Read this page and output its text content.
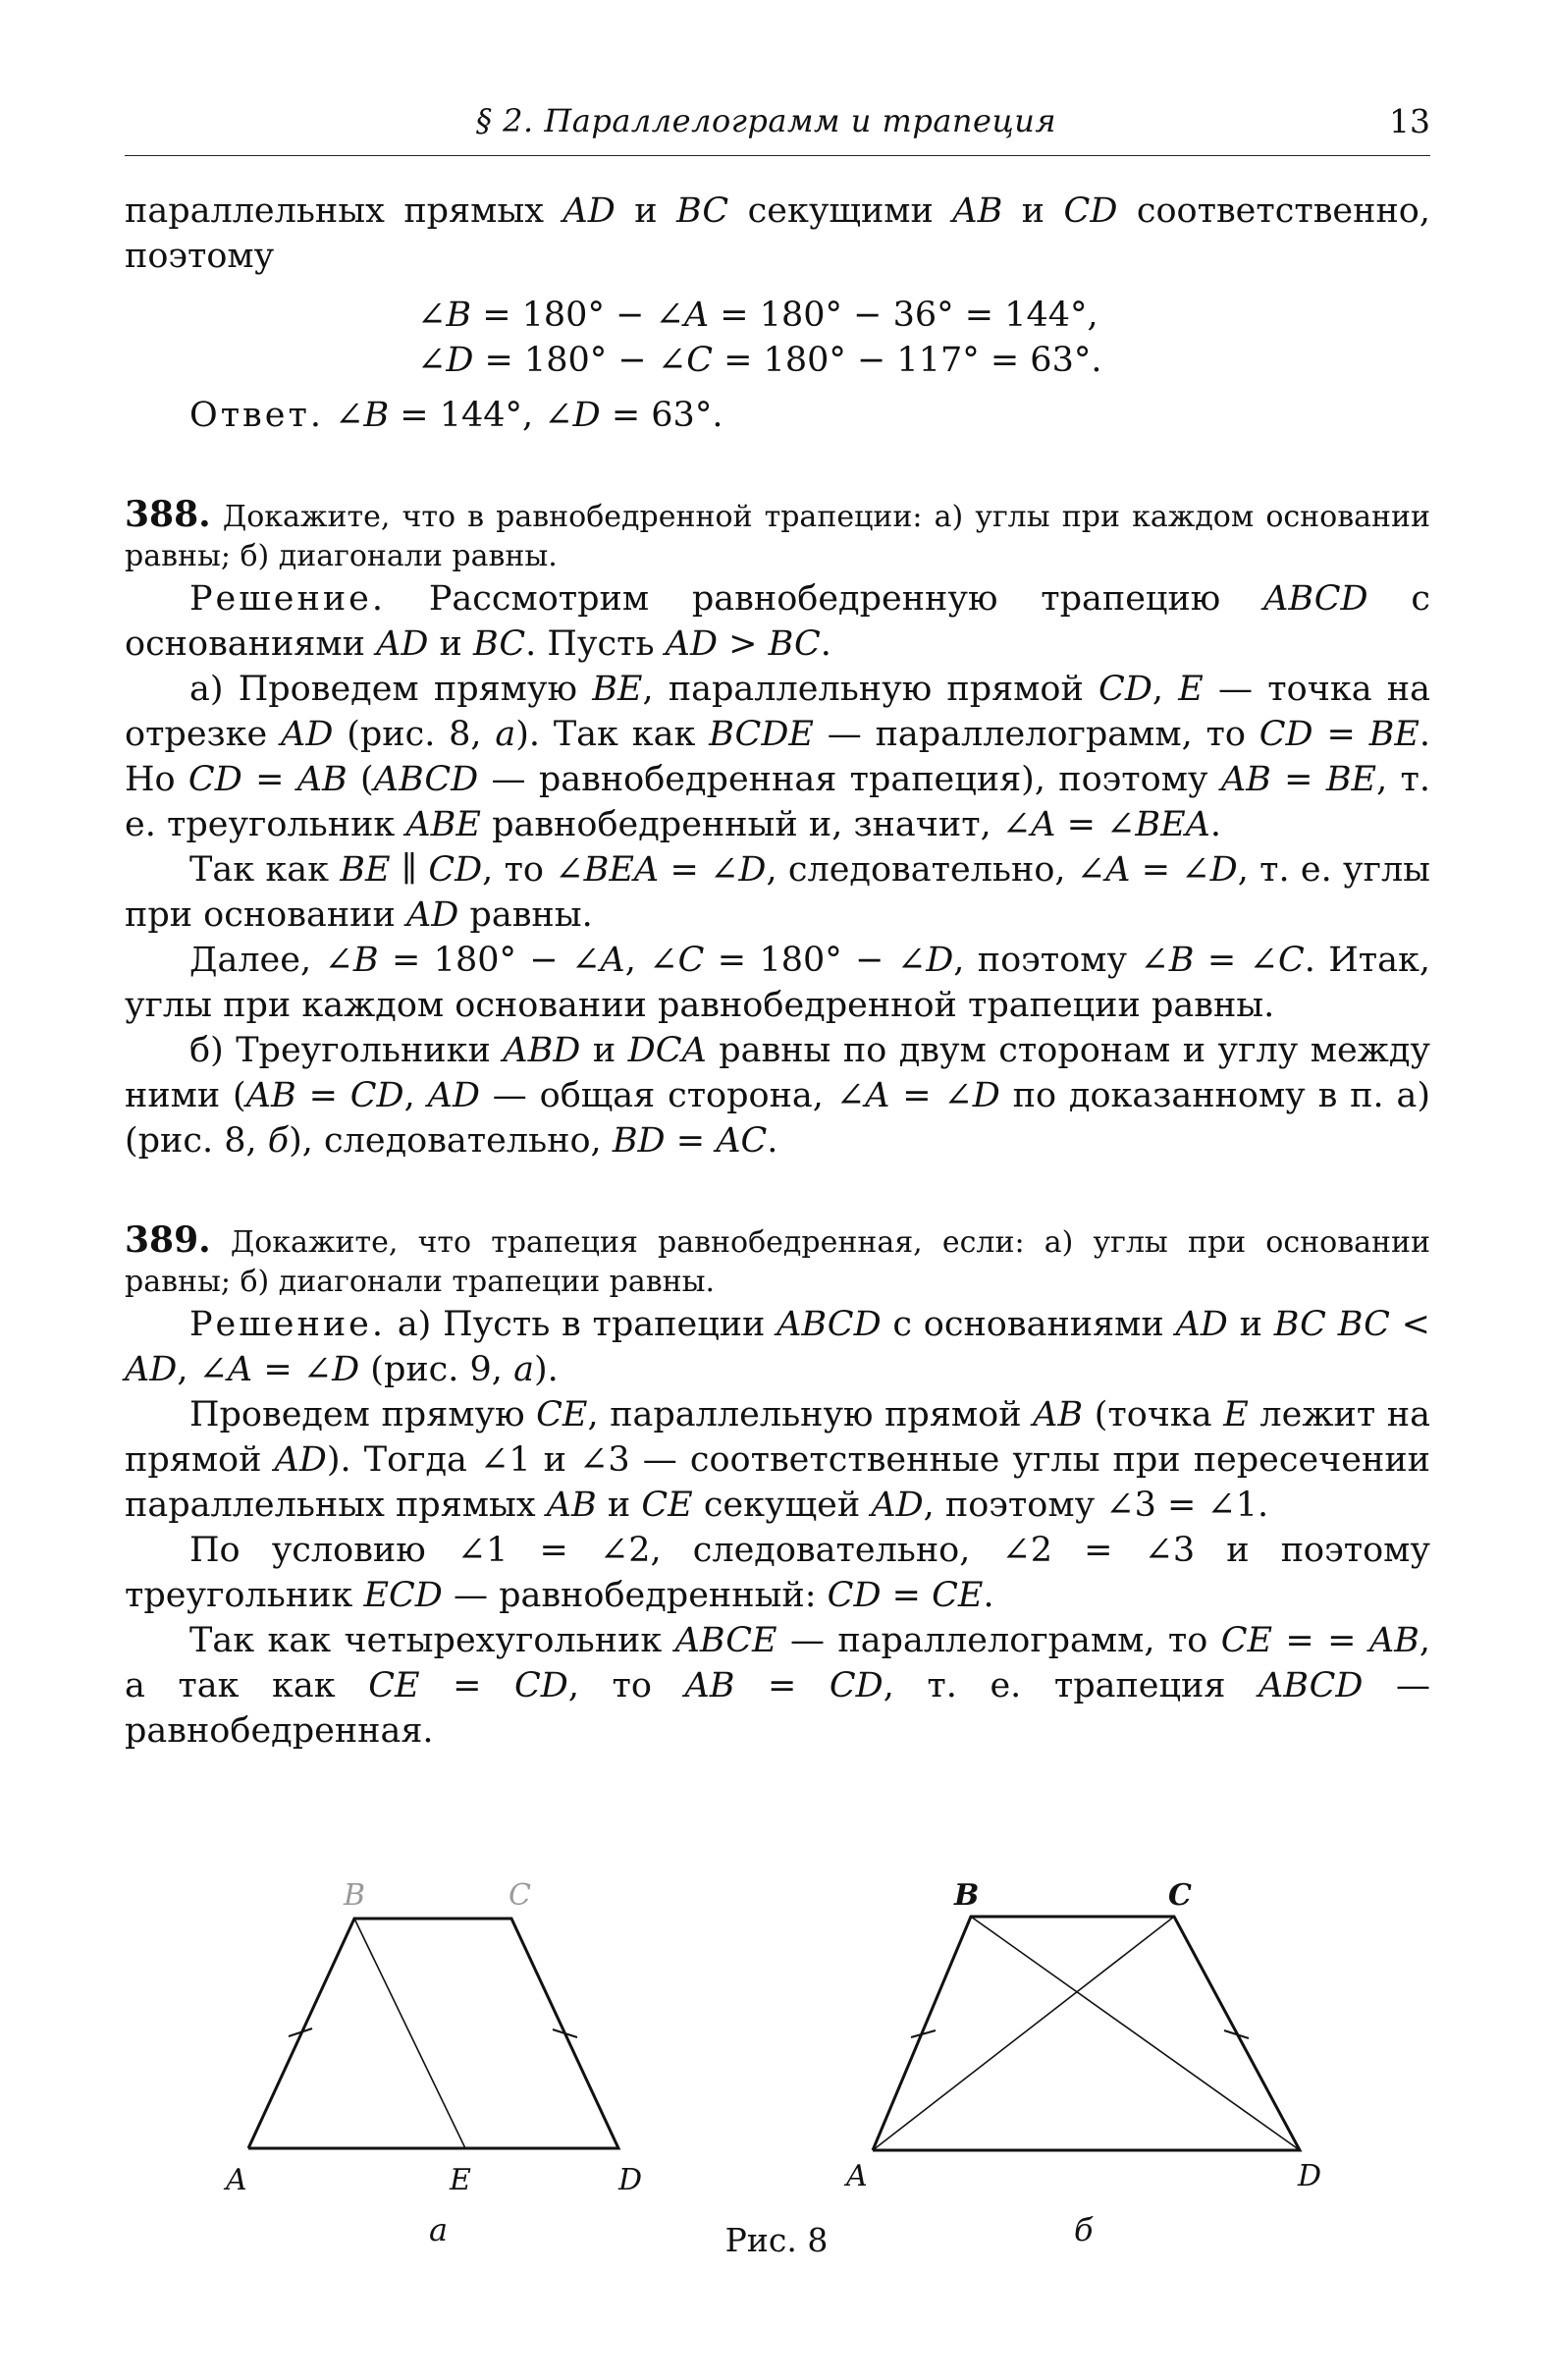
§ 2. Параллелограмм и трапеция	13

параллельных прямых AD и BC секущими AB и CD соответственно, поэтому

∠B = 180° − ∠A = 180° − 36° = 144°,
∠D = 180° − ∠C = 180° − 117° = 63°.

Ответ. ∠B = 144°, ∠D = 63°.

388. Докажите, что в равнобедренной трапеции: а) углы при каждом основании равны; б) диагонали равны.

Решение. Рассмотрим равнобедренную трапецию ABCD с основаниями AD и BC. Пусть AD > BC.

а) Проведем прямую BE, параллельную прямой CD, E — точка на отрезке AD (рис. 8, а). Так как BCDE — параллелограмм, то CD = BE. Но CD = AB (ABCD — равнобедренная трапеция), поэтому AB = BE, т. е. треугольник ABE равнобедренный и, значит, ∠A = ∠BEA.

Так как BE ∥ CD, то ∠BEA = ∠D, следовательно, ∠A = ∠D, т. е. углы при основании AD равны.

Далее, ∠B = 180° − ∠A, ∠C = 180° − ∠D, поэтому ∠B = ∠C. Итак, углы при каждом основании равнобедренной трапеции равны.

б) Треугольники ABD и DCA равны по двум сторонам и углу между ними (AB = CD, AD — общая сторона, ∠A = ∠D по доказанному в п. а) (рис. 8, б), следовательно, BD = AC.

389. Докажите, что трапеция равнобедренная, если: а) углы при основании равны; б) диагонали трапеции равны.

Решение. а) Пусть в трапеции ABCD с основаниями AD и BC BC < AD, ∠A = ∠D (рис. 9, а).

Проведем прямую CE, параллельную прямой AB (точка E лежит на прямой AD). Тогда ∠1 и ∠3 — соответственные углы при пересечении параллельных прямых AB и CE секущей AD, поэтому ∠3 = ∠1.

По условию ∠1 = ∠2, следовательно, ∠2 = ∠3 и поэтому треугольник ECD — равнобедренный: CD = CE.

Так как четырехугольник ABCE — параллелограмм, то CE = = AB, а так как CE = CD, то AB = CD, т. е. трапеция ABCD — равнобедренная.

B	C
A	E	D
а
B	C
A	D
б
Рис. 8
